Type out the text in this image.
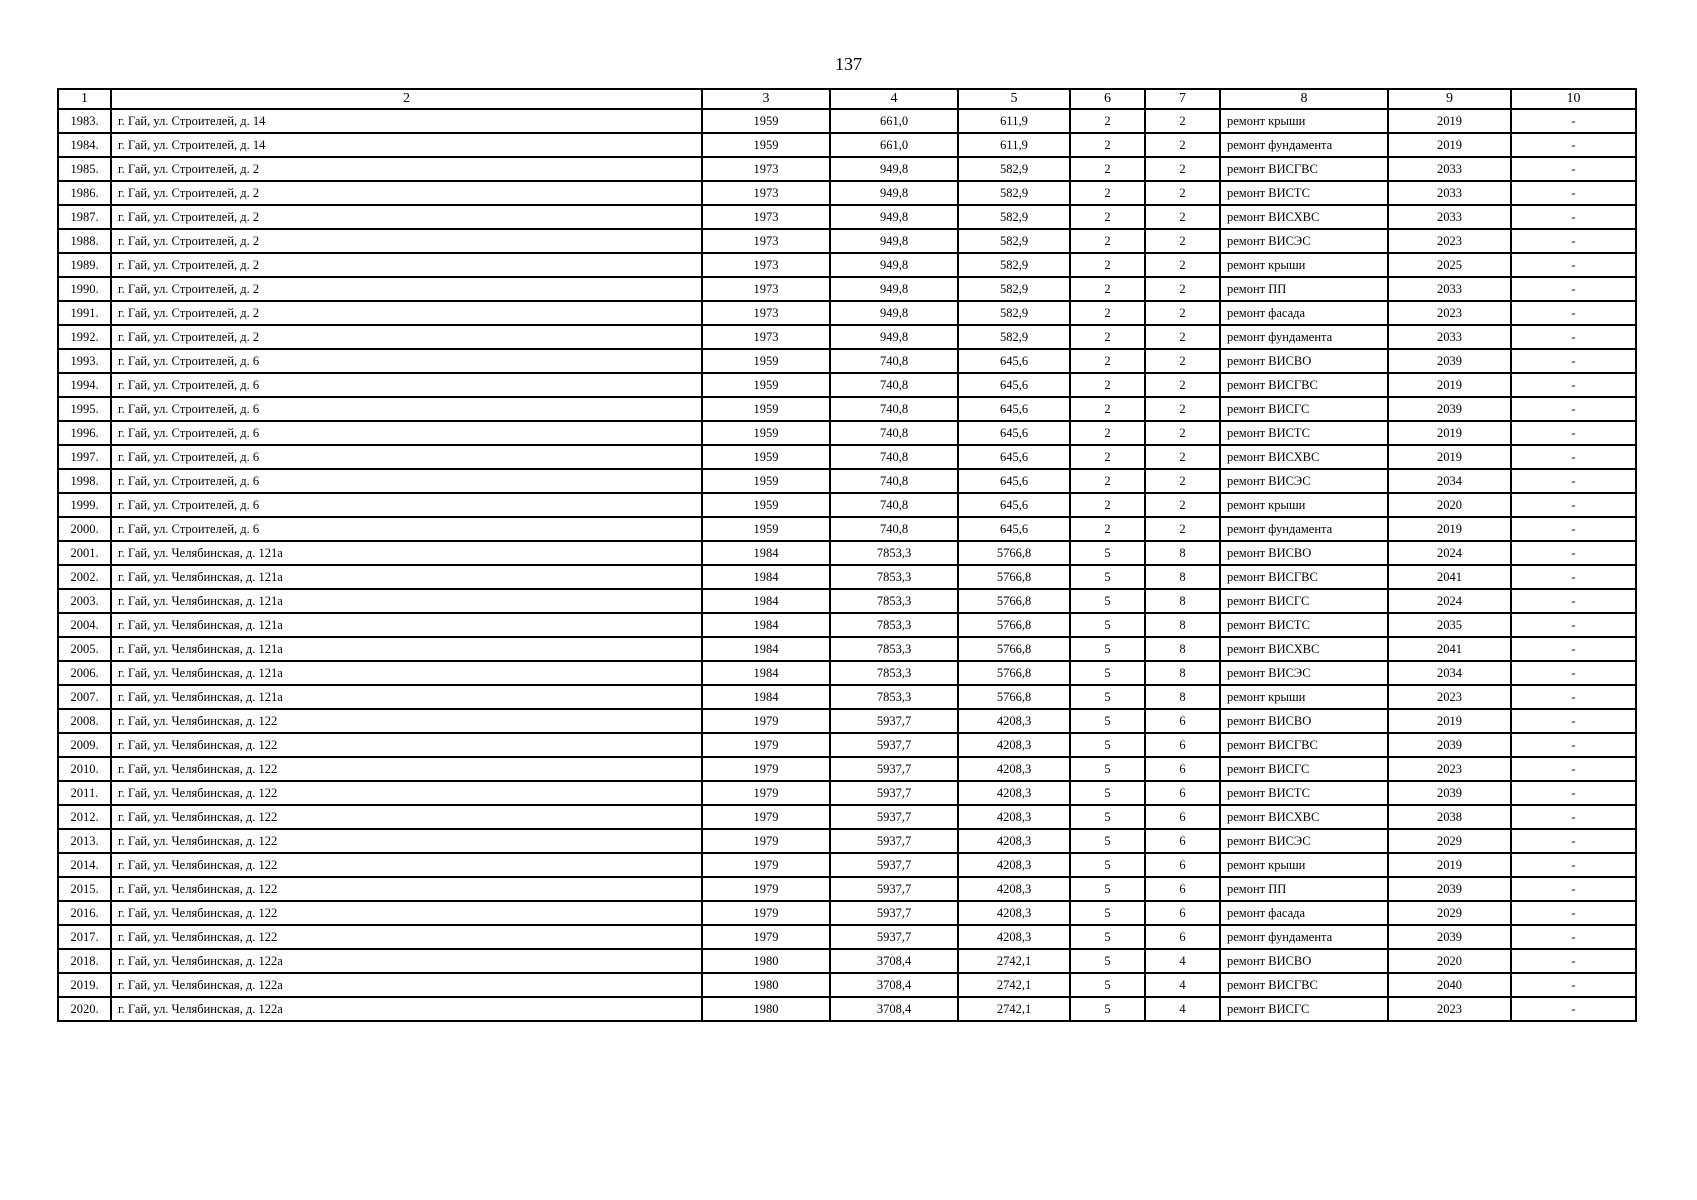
137
1	2	3	4	5	6	7	8	9	10
1983.	г. Гай, ул. Строителей, д. 14	1959	661,0	611,9	2	2	ремонт крыши	2019	-
1984.	г. Гай, ул. Строителей, д. 14	1959	661,0	611,9	2	2	ремонт фундамента	2019	-
1985.	г. Гай, ул. Строителей, д. 2	1973	949,8	582,9	2	2	ремонт ВИСГВС	2033	-
1986.	г. Гай, ул. Строителей, д. 2	1973	949,8	582,9	2	2	ремонт ВИСТС	2033	-
1987.	г. Гай, ул. Строителей, д. 2	1973	949,8	582,9	2	2	ремонт ВИСХВС	2033	-
1988.	г. Гай, ул. Строителей, д. 2	1973	949,8	582,9	2	2	ремонт ВИСЭС	2023	-
1989.	г. Гай, ул. Строителей, д. 2	1973	949,8	582,9	2	2	ремонт крыши	2025	-
1990.	г. Гай, ул. Строителей, д. 2	1973	949,8	582,9	2	2	ремонт ПП	2033	-
1991.	г. Гай, ул. Строителей, д. 2	1973	949,8	582,9	2	2	ремонт фасада	2023	-
1992.	г. Гай, ул. Строителей, д. 2	1973	949,8	582,9	2	2	ремонт фундамента	2033	-
1993.	г. Гай, ул. Строителей, д. 6	1959	740,8	645,6	2	2	ремонт ВИСВО	2039	-
1994.	г. Гай, ул. Строителей, д. 6	1959	740,8	645,6	2	2	ремонт ВИСГВС	2019	-
1995.	г. Гай, ул. Строителей, д. 6	1959	740,8	645,6	2	2	ремонт ВИСГС	2039	-
1996.	г. Гай, ул. Строителей, д. 6	1959	740,8	645,6	2	2	ремонт ВИСТС	2019	-
1997.	г. Гай, ул. Строителей, д. 6	1959	740,8	645,6	2	2	ремонт ВИСХВС	2019	-
1998.	г. Гай, ул. Строителей, д. 6	1959	740,8	645,6	2	2	ремонт ВИСЭС	2034	-
1999.	г. Гай, ул. Строителей, д. 6	1959	740,8	645,6	2	2	ремонт крыши	2020	-
2000.	г. Гай, ул. Строителей, д. 6	1959	740,8	645,6	2	2	ремонт фундамента	2019	-
2001.	г. Гай, ул. Челябинская, д. 121а	1984	7853,3	5766,8	5	8	ремонт ВИСВО	2024	-
2002.	г. Гай, ул. Челябинская, д. 121а	1984	7853,3	5766,8	5	8	ремонт ВИСГВС	2041	-
2003.	г. Гай, ул. Челябинская, д. 121а	1984	7853,3	5766,8	5	8	ремонт ВИСГС	2024	-
2004.	г. Гай, ул. Челябинская, д. 121а	1984	7853,3	5766,8	5	8	ремонт ВИСТС	2035	-
2005.	г. Гай, ул. Челябинская, д. 121а	1984	7853,3	5766,8	5	8	ремонт ВИСХВС	2041	-
2006.	г. Гай, ул. Челябинская, д. 121а	1984	7853,3	5766,8	5	8	ремонт ВИСЭС	2034	-
2007.	г. Гай, ул. Челябинская, д. 121а	1984	7853,3	5766,8	5	8	ремонт крыши	2023	-
2008.	г. Гай, ул. Челябинская, д. 122	1979	5937,7	4208,3	5	6	ремонт ВИСВО	2019	-
2009.	г. Гай, ул. Челябинская, д. 122	1979	5937,7	4208,3	5	6	ремонт ВИСГВС	2039	-
2010.	г. Гай, ул. Челябинская, д. 122	1979	5937,7	4208,3	5	6	ремонт ВИСГС	2023	-
2011.	г. Гай, ул. Челябинская, д. 122	1979	5937,7	4208,3	5	6	ремонт ВИСТС	2039	-
2012.	г. Гай, ул. Челябинская, д. 122	1979	5937,7	4208,3	5	6	ремонт ВИСХВС	2038	-
2013.	г. Гай, ул. Челябинская, д. 122	1979	5937,7	4208,3	5	6	ремонт ВИСЭС	2029	-
2014.	г. Гай, ул. Челябинская, д. 122	1979	5937,7	4208,3	5	6	ремонт крыши	2019	-
2015.	г. Гай, ул. Челябинская, д. 122	1979	5937,7	4208,3	5	6	ремонт ПП	2039	-
2016.	г. Гай, ул. Челябинская, д. 122	1979	5937,7	4208,3	5	6	ремонт фасада	2029	-
2017.	г. Гай, ул. Челябинская, д. 122	1979	5937,7	4208,3	5	6	ремонт фундамента	2039	-
2018.	г. Гай, ул. Челябинская, д. 122а	1980	3708,4	2742,1	5	4	ремонт ВИСВО	2020	-
2019.	г. Гай, ул. Челябинская, д. 122а	1980	3708,4	2742,1	5	4	ремонт ВИСГВС	2040	-
2020.	г. Гай, ул. Челябинская, д. 122а	1980	3708,4	2742,1	5	4	ремонт ВИСГС	2023	-
